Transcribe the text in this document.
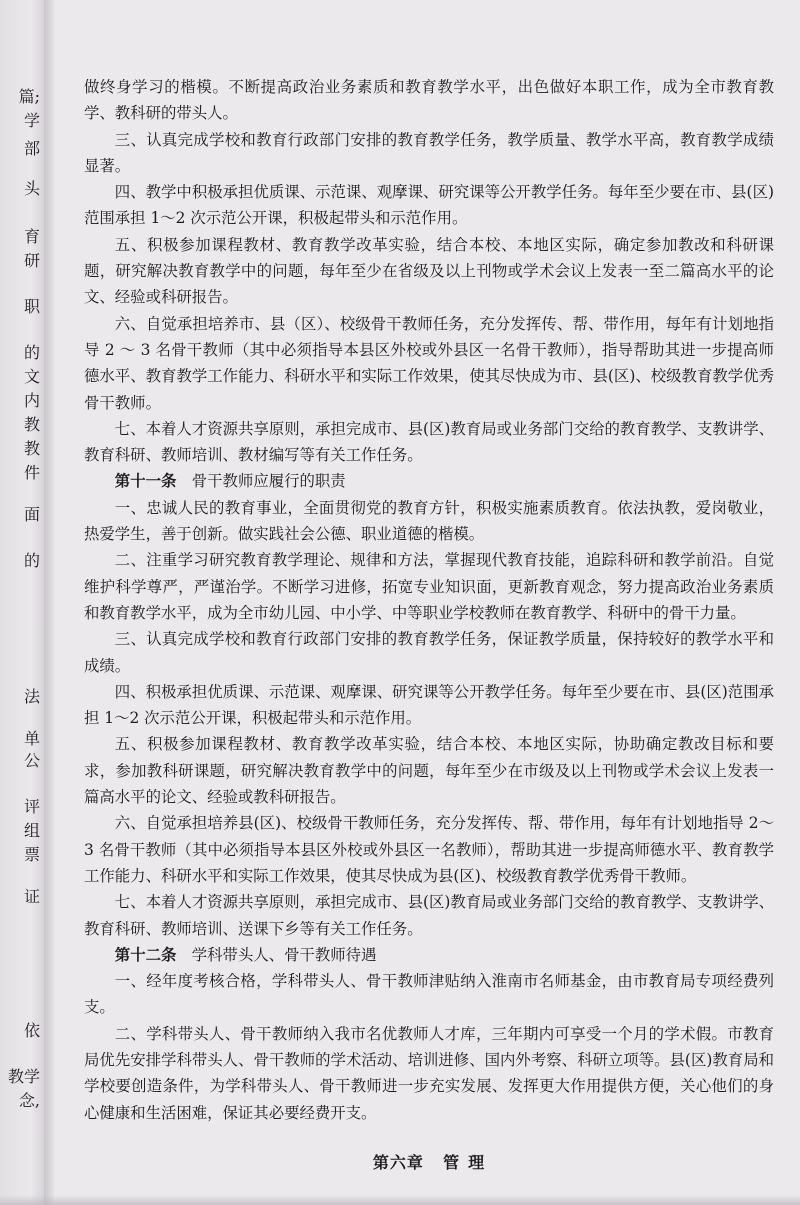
篇;
学
部
头
育
研
职
的
文
内
教
教
件
面
的
法
单
公
评
组
票
证
依
教学
念,

做终身学习的楷模。不断提高政治业务素质和教育教学水平，出色做好本职工作，成为全市教育教学、教科研的带头人。

三、认真完成学校和教育行政部门安排的教育教学任务，教学质量、教学水平高，教育教学成绩显著。

四、教学中积极承担优质课、示范课、观摩课、研究课等公开教学任务。每年至少要在市、县(区)范围承担 1～2 次示范公开课，积极起带头和示范作用。

五、积极参加课程教材、教育教学改革实验，结合本校、本地区实际，确定参加教改和科研课题，研究解决教育教学中的问题，每年至少在省级及以上刊物或学术会议上发表一至二篇高水平的论文、经验或科研报告。

六、自觉承担培养市、县（区）、校级骨干教师任务，充分发挥传、帮、带作用，每年有计划地指导 2 ～ 3 名骨干教师（其中必须指导本县区外校或外县区一名骨干教师），指导帮助其进一步提高师德水平、教育教学工作能力、科研水平和实际工作效果，使其尽快成为市、县(区)、校级教育教学优秀骨干教师。

七、本着人才资源共享原则，承担完成市、县(区)教育局或业务部门交给的教育教学、支教讲学、教育科研、教师培训、教材编写等有关工作任务。

第十一条 骨干教师应履行的职责

一、忠诚人民的教育事业，全面贯彻党的教育方针，积极实施素质教育。依法执教，爱岗敬业，热爱学生，善于创新。做实践社会公德、职业道德的楷模。

二、注重学习研究教育教学理论、规律和方法，掌握现代教育技能，追踪科研和教学前沿。自觉维护科学尊严，严谨治学。不断学习进修，拓宽专业知识面，更新教育观念，努力提高政治业务素质和教育教学水平，成为全市幼儿园、中小学、中等职业学校教师在教育教学、科研中的骨干力量。

三、认真完成学校和教育行政部门安排的教育教学任务，保证教学质量，保持较好的教学水平和成绩。

四、积极承担优质课、示范课、观摩课、研究课等公开教学任务。每年至少要在市、县(区)范围承担 1～2 次示范公开课，积极起带头和示范作用。

五、积极参加课程教材、教育教学改革实验，结合本校、本地区实际，协助确定教改目标和要求，参加教科研课题，研究解决教育教学中的问题，每年至少在市级及以上刊物或学术会议上发表一篇高水平的论文、经验或教科研报告。

六、自觉承担培养县(区)、校级骨干教师任务，充分发挥传、帮、带作用，每年有计划地指导 2～3 名骨干教师（其中必须指导本县区外校或外县区一名教师），帮助其进一步提高师德水平、教育教学工作能力、科研水平和实际工作效果，使其尽快成为县(区)、校级教育教学优秀骨干教师。

七、本着人才资源共享原则，承担完成市、县(区)教育局或业务部门交给的教育教学、支教讲学、教育科研、教师培训、送课下乡等有关工作任务。

第十二条 学科带头人、骨干教师待遇

一、经年度考核合格，学科带头人、骨干教师津贴纳入淮南市名师基金，由市教育局专项经费列支。

二、学科带头人、骨干教师纳入我市名优教师人才库，三年期内可享受一个月的学术假。市教育局优先安排学科带头人、骨干教师的学术活动、培训进修、国内外考察、科研立项等。县(区)教育局和学校要创造条件，为学科带头人、骨干教师进一步充实发展、发挥更大作用提供方便，关心他们的身心健康和生活困难，保证其必要经费开支。

第六章 管 理
